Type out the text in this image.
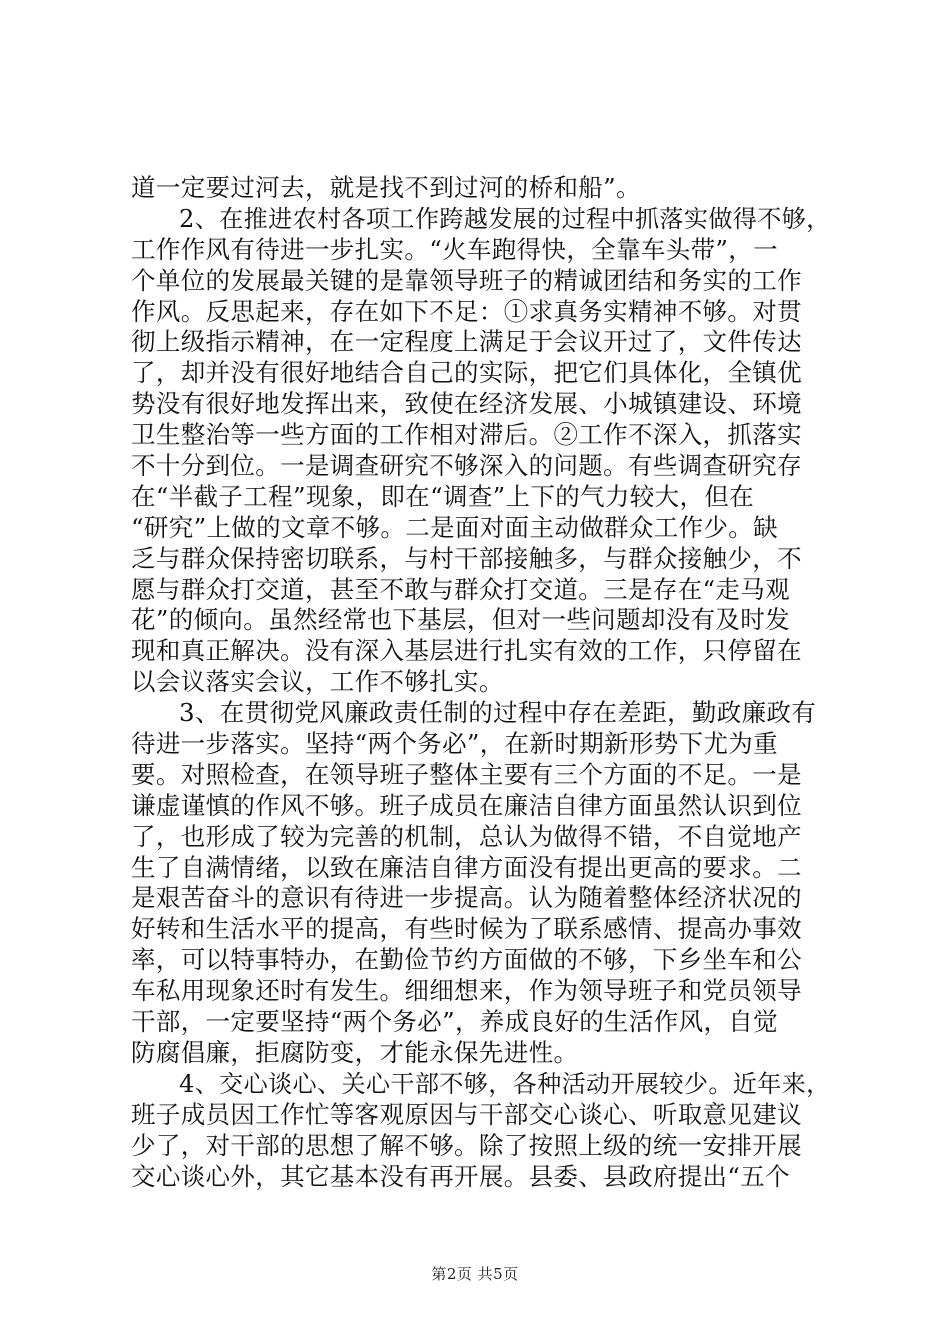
道一定要过河去，就是找不到过河的桥和船”。
2、在推进农村各项工作跨越发展的过程中抓落实做得不够，
工作作风有待进一步扎实。“火车跑得快，全靠车头带”，一
个单位的发展最关键的是靠领导班子的精诚团结和务实的工作
作风。反思起来，存在如下不足：①求真务实精神不够。对贯
彻上级指示精神，在一定程度上满足于会议开过了，文件传达
了，却并没有很好地结合自己的实际，把它们具体化，全镇优
势没有很好地发挥出来，致使在经济发展、小城镇建设、环境
卫生整治等一些方面的工作相对滞后。②工作不深入，抓落实
不十分到位。一是调查研究不够深入的问题。有些调查研究存
在“半截子工程”现象，即在“调查”上下的气力较大，但在
“研究”上做的文章不够。二是面对面主动做群众工作少。缺
乏与群众保持密切联系，与村干部接触多，与群众接触少，不
愿与群众打交道，甚至不敢与群众打交道。三是存在“走马观
花”的倾向。虽然经常也下基层，但对一些问题却没有及时发
现和真正解决。没有深入基层进行扎实有效的工作，只停留在
以会议落实会议，工作不够扎实。
3、在贯彻党风廉政责任制的过程中存在差距，勤政廉政有
待进一步落实。坚持“两个务必”，在新时期新形势下尤为重
要。对照检查，在领导班子整体主要有三个方面的不足。一是
谦虚谨慎的作风不够。班子成员在廉洁自律方面虽然认识到位
了，也形成了较为完善的机制，总认为做得不错，不自觉地产
生了自满情绪，以致在廉洁自律方面没有提出更高的要求。二
是艰苦奋斗的意识有待进一步提高。认为随着整体经济状况的
好转和生活水平的提高，有些时候为了联系感情、提高办事效
率，可以特事特办，在勤俭节约方面做的不够，下乡坐车和公
车私用现象还时有发生。细细想来，作为领导班子和党员领导
干部，一定要坚持“两个务必”，养成良好的生活作风，自觉
防腐倡廉，拒腐防变，才能永保先进性。
4、交心谈心、关心干部不够，各种活动开展较少。近年来，
班子成员因工作忙等客观原因与干部交心谈心、听取意见建议
少了，对干部的思想了解不够。除了按照上级的统一安排开展
交心谈心外，其它基本没有再开展。县委、县政府提出“五个
第2页 共5页
